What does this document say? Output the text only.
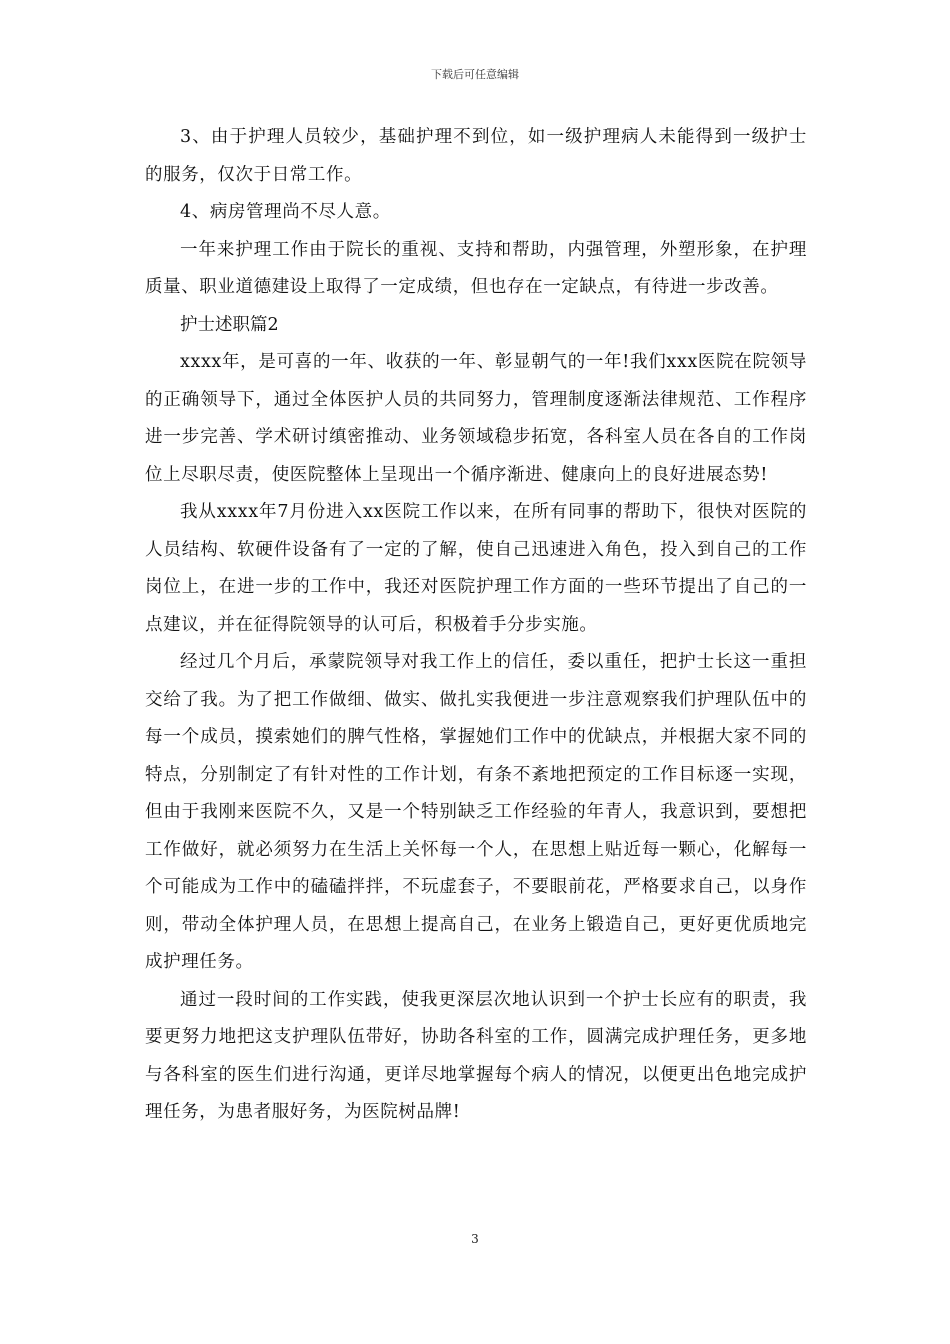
下载后可任意编辑

3、由于护理人员较少，基础护理不到位，如一级护理病人未能得到一级护士的服务，仅次于日常工作。

4、病房管理尚不尽人意。

一年来护理工作由于院长的重视、支持和帮助，内强管理，外塑形象，在护理质量、职业道德建设上取得了一定成绩，但也存在一定缺点，有待进一步改善。

护士述职篇2

xxxx年，是可喜的一年、收获的一年、彰显朝气的一年!我们xxx医院在院领导的正确领导下，通过全体医护人员的共同努力，管理制度逐渐法律规范、工作程序进一步完善、学术研讨缜密推动、业务领域稳步拓宽，各科室人员在各自的工作岗位上尽职尽责，使医院整体上呈现出一个循序渐进、健康向上的良好进展态势!

我从xxxx年7月份进入xx医院工作以来，在所有同事的帮助下，很快对医院的人员结构、软硬件设备有了一定的了解，使自己迅速进入角色，投入到自己的工作岗位上，在进一步的工作中，我还对医院护理工作方面的一些环节提出了自己的一点建议，并在征得院领导的认可后，积极着手分步实施。

经过几个月后，承蒙院领导对我工作上的信任，委以重任，把护士长这一重担交给了我。为了把工作做细、做实、做扎实我便进一步注意观察我们护理队伍中的每一个成员，摸索她们的脾气性格，掌握她们工作中的优缺点，并根据大家不同的特点，分别制定了有针对性的工作计划，有条不紊地把预定的工作目标逐一实现，但由于我刚来医院不久，又是一个特别缺乏工作经验的年青人，我意识到，要想把工作做好，就必须努力在生活上关怀每一个人，在思想上贴近每一颗心，化解每一个可能成为工作中的磕磕拌拌，不玩虚套子，不要眼前花，严格要求自己，以身作则，带动全体护理人员，在思想上提高自己，在业务上锻造自己，更好更优质地完成护理任务。

通过一段时间的工作实践，使我更深层次地认识到一个护士长应有的职责，我要更努力地把这支护理队伍带好，协助各科室的工作，圆满完成护理任务，更多地与各科室的医生们进行沟通，更详尽地掌握每个病人的情况，以便更出色地完成护理任务，为患者服好务，为医院树品牌!

3
